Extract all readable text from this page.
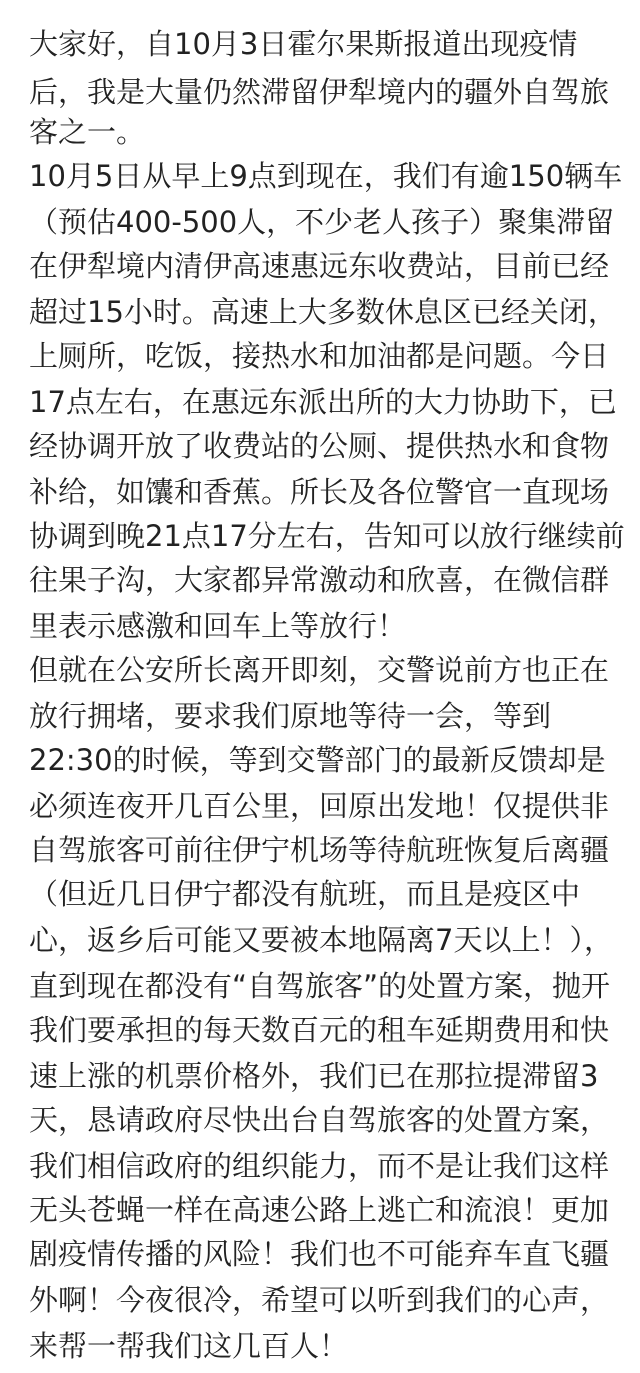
大家好，自10月3日霍尔果斯报道出现疫情
后，我是大量仍然滞留伊犁境内的疆外自驾旅
客之一。
10月5日从早上9点到现在，我们有逾150辆车
（预估400-500人，不少老人孩子）聚集滞留
在伊犁境内清伊高速惠远东收费站，目前已经
超过15小时。高速上大多数休息区已经关闭，
上厕所，吃饭，接热水和加油都是问题。今日
17点左右，在惠远东派出所的大力协助下，已
经协调开放了收费站的公厕、提供热水和食物
补给，如馕和香蕉。所长及各位警官一直现场
协调到晚21点17分左右，告知可以放行继续前
往果子沟，大家都异常激动和欣喜，在微信群
里表示感激和回车上等放行！
但就在公安所长离开即刻，交警说前方也正在
放行拥堵，要求我们原地等待一会，等到
22:30的时候，等到交警部门的最新反馈却是
必须连夜开几百公里，回原出发地！仅提供非
自驾旅客可前往伊宁机场等待航班恢复后离疆
（但近几日伊宁都没有航班，而且是疫区中
心，返乡后可能又要被本地隔离7天以上！），
直到现在都没有“自驾旅客”的处置方案，抛开
我们要承担的每天数百元的租车延期费用和快
速上涨的机票价格外，我们已在那拉提滞留3
天，恳请政府尽快出台自驾旅客的处置方案，
我们相信政府的组织能力，而不是让我们这样
无头苍蝇一样在高速公路上逃亡和流浪！更加
剧疫情传播的风险！我们也不可能弃车直飞疆
外啊！今夜很冷，希望可以听到我们的心声，
来帮一帮我们这几百人！
